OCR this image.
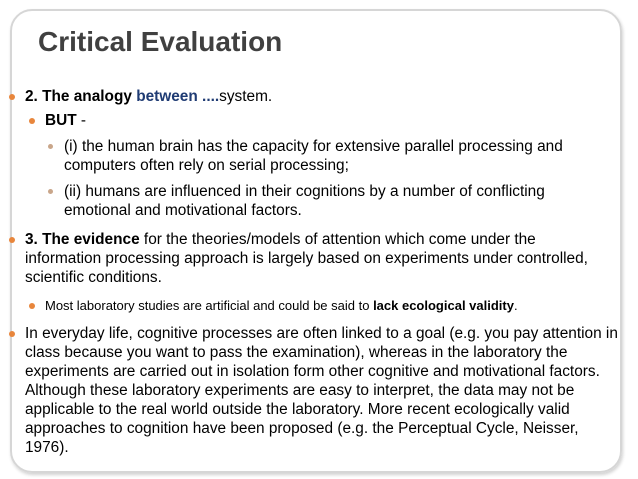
Critical Evaluation
2. The analogy between ....system.
BUT -
(i) the human brain has the capacity for extensive parallel processing and computers often rely on serial processing;
(ii) humans are influenced in their cognitions by a number of conflicting emotional and motivational factors.
3. The evidence for the theories/models of attention which come under the information processing approach is largely based on experiments under controlled, scientific conditions.
Most laboratory studies are artificial and could be said to lack ecological validity.
In everyday life, cognitive processes are often linked to a goal (e.g. you pay attention in class because you want to pass the examination), whereas in the laboratory the experiments are carried out in isolation form other cognitive and motivational factors. Although these laboratory experiments are easy to interpret, the data may not be applicable to the real world outside the laboratory. More recent ecologically valid approaches to cognition have been proposed (e.g. the Perceptual Cycle, Neisser, 1976).
